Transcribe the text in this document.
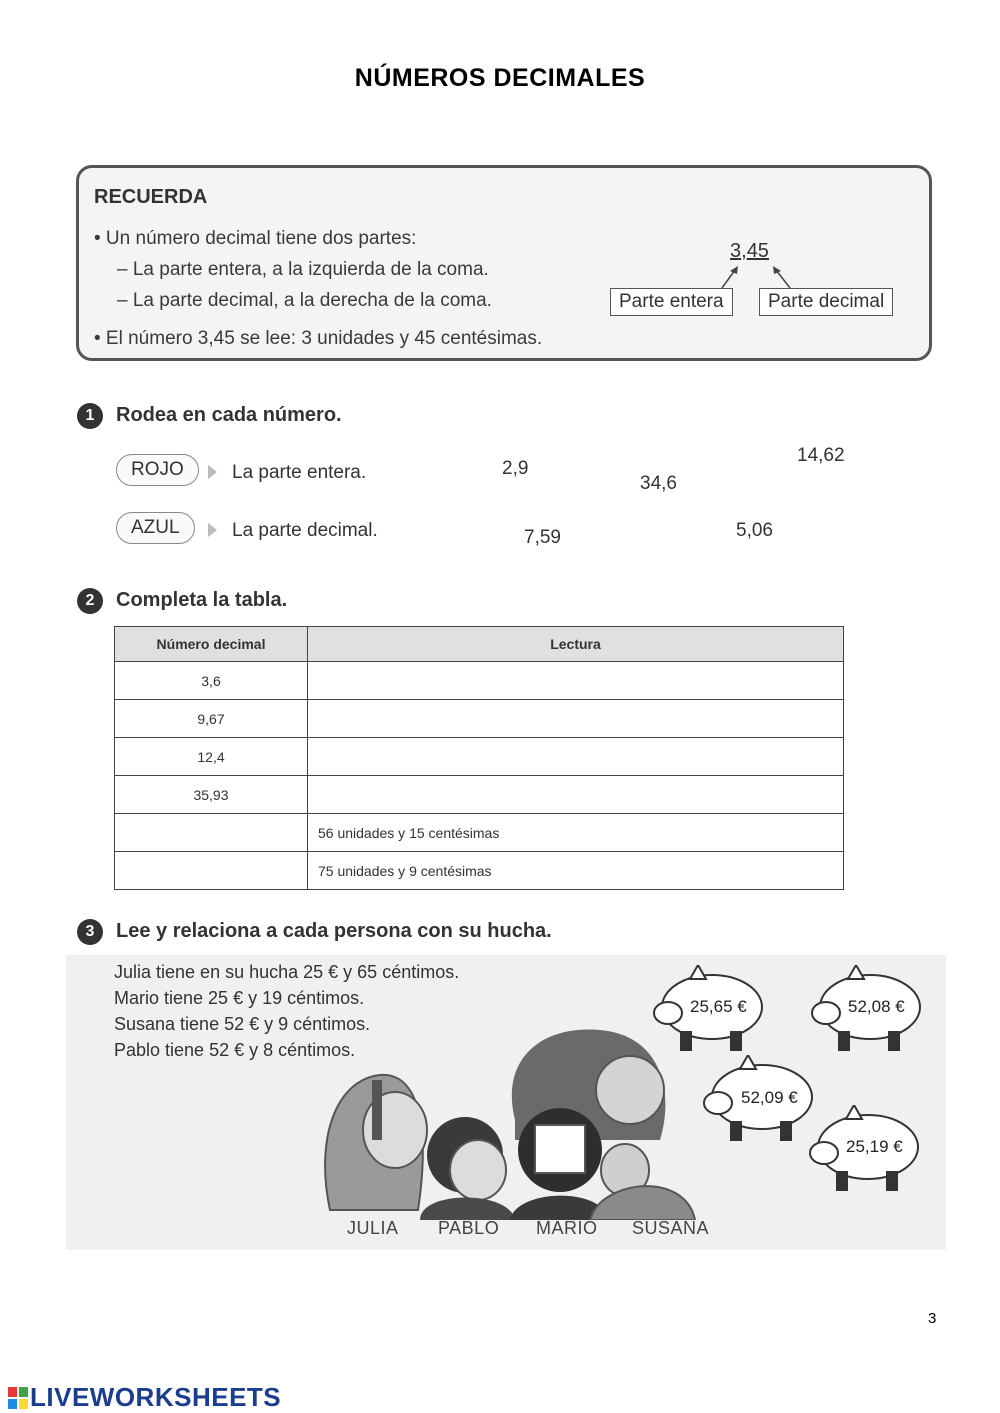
NÚMEROS DECIMALES
RECUERDA
• Un número decimal tiene dos partes:
– La parte entera, a la izquierda de la coma.
– La parte decimal, a la derecha de la coma.
• El número 3,45 se lee: 3 unidades y 45 centésimas.
3,45
Parte entera	Parte decimal
1	Rodea en cada número.
ROJO	La parte entera.
AZUL	La parte decimal.
2,9
34,6
14,62
7,59	5,06
2	Completa la tabla.
Número decimal	Lectura
3,6	
9,67	
12,4	
35,93	
	56 unidades y 15 centésimas
	75 unidades y 9 centésimas
3	Lee y relaciona a cada persona con su hucha.
Julia tiene en su hucha 25 € y 65 céntimos.
Mario tiene 25 € y 19 céntimos.
Susana tiene 52 € y 9 céntimos.
Pablo tiene 52 € y 8 céntimos.
25,65 €	52,08 €
52,09 €
25,19 €
JULIA PABLO MARIO SUSANA
3
LIVEWORKSHEETS
